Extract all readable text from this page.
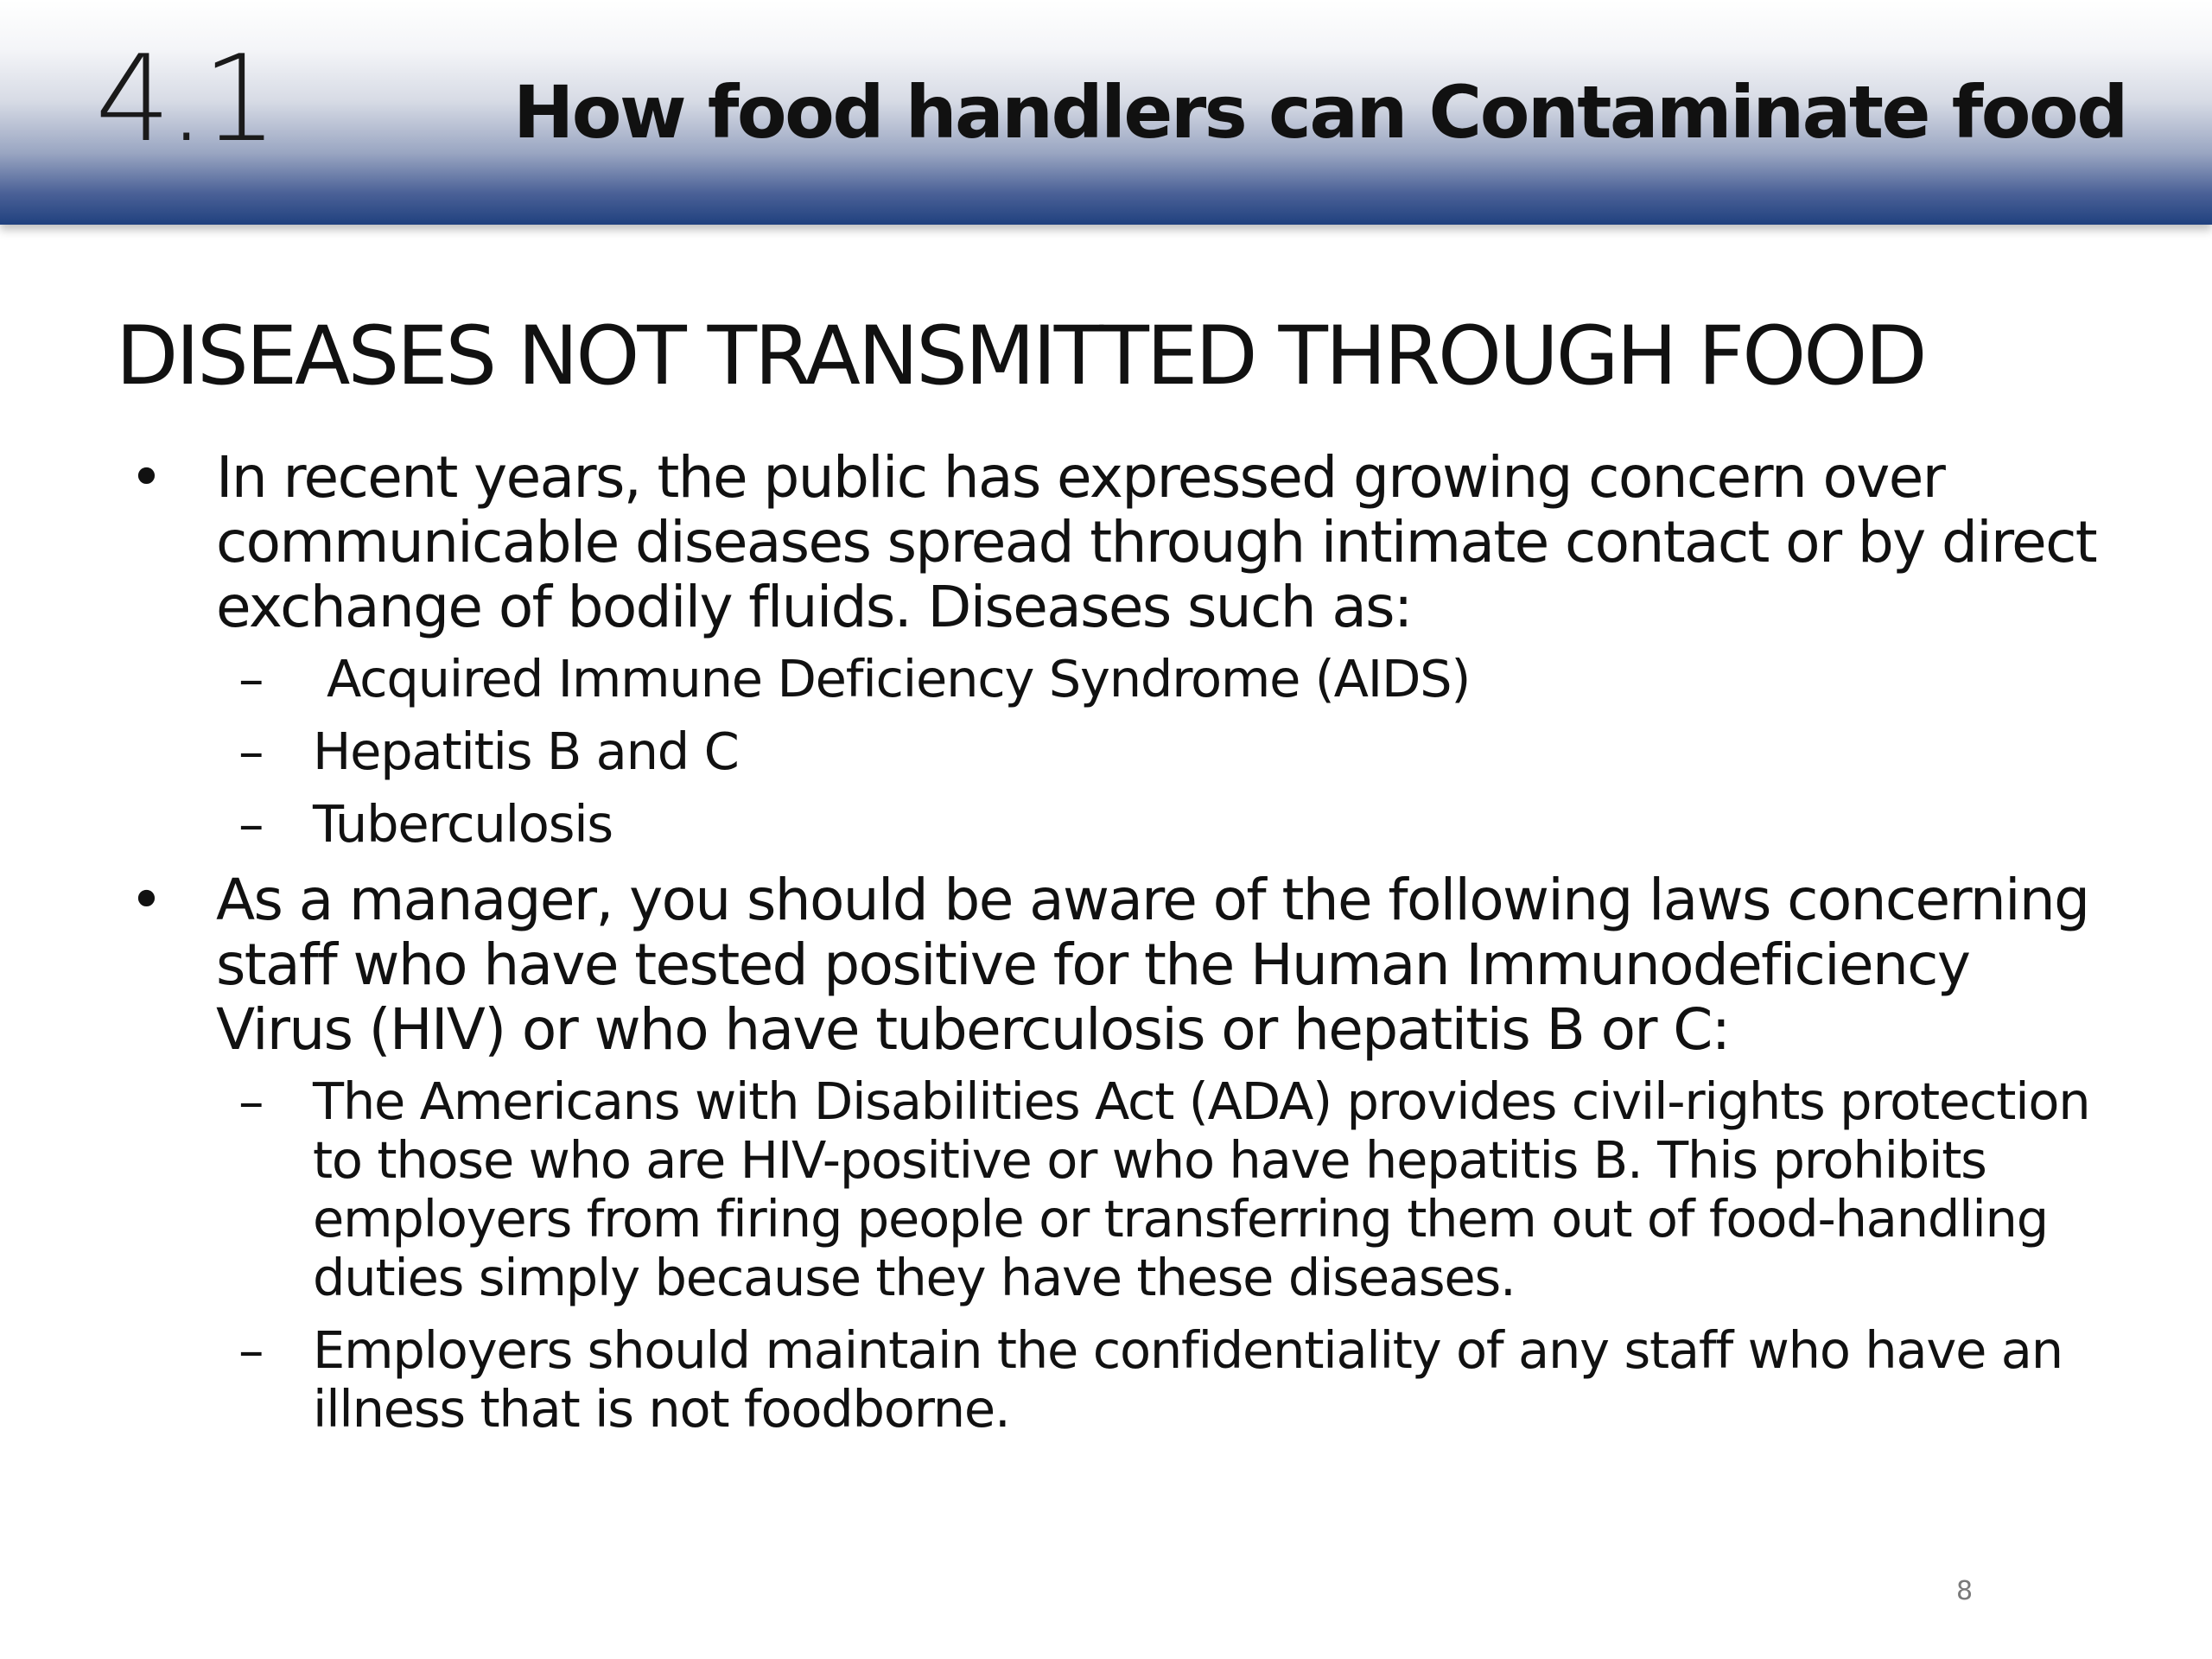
4.1	How food handlers can Contaminate food
DISEASES NOT TRANSMITTED THROUGH FOOD
• In recent years, the public has expressed growing concern over communicable diseases spread through intimate contact or by direct exchange of bodily fluids. Diseases such as:
– Acquired Immune Deficiency Syndrome (AIDS)
– Hepatitis B and C
– Tuberculosis
• As a manager, you should be aware of the following laws concerning staff who have tested positive for the Human Immunodeficiency Virus (HIV) or who have tuberculosis or hepatitis B or C:
– The Americans with Disabilities Act (ADA) provides civil-rights protection to those who are HIV-positive or who have hepatitis B. This prohibits employers from firing people or transferring them out of food-handling duties simply because they have these diseases.
– Employers should maintain the confidentiality of any staff who have an illness that is not foodborne.
8
